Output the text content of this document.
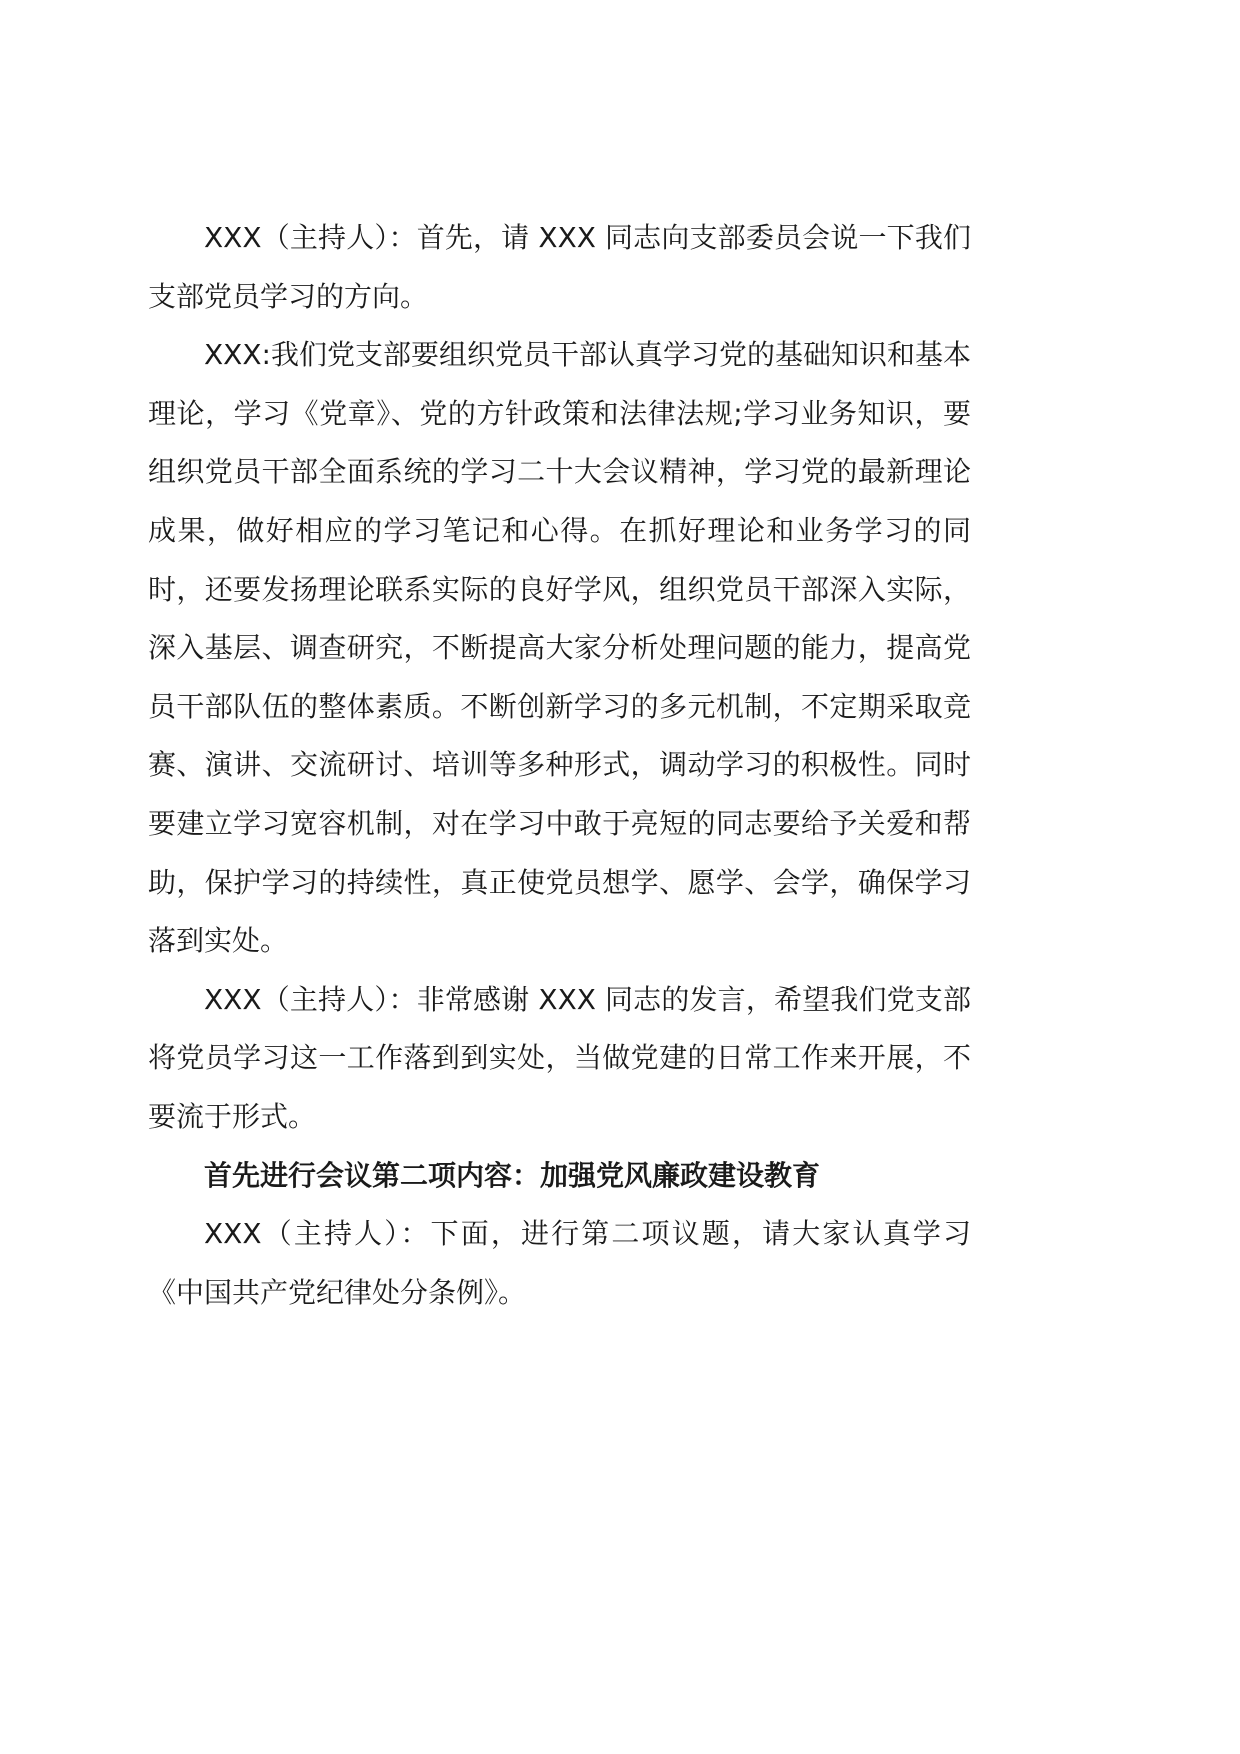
XXX（主持人）：首先，请 XXX 同志向支部委员会说一下我们支部党员学习的方向。

XXX:我们党支部要组织党员干部认真学习党的基础知识和基本理论，学习《党章》、党的方针政策和法律法规;学习业务知识，要组织党员干部全面系统的学习二十大会议精神，学习党的最新理论成果，做好相应的学习笔记和心得。在抓好理论和业务学习的同时，还要发扬理论联系实际的良好学风，组织党员干部深入实际，深入基层、调查研究，不断提高大家分析处理问题的能力，提高党员干部队伍的整体素质。不断创新学习的多元机制，不定期采取竞赛、演讲、交流研讨、培训等多种形式，调动学习的积极性。同时要建立学习宽容机制，对在学习中敢于亮短的同志要给予关爱和帮助，保护学习的持续性，真正使党员想学、愿学、会学，确保学习落到实处。

XXX（主持人）：非常感谢 XXX 同志的发言，希望我们党支部将党员学习这一工作落到到实处，当做党建的日常工作来开展，不要流于形式。

首先进行会议第二项内容：加强党风廉政建设教育

XXX（主持人）：下面，进行第二项议题，请大家认真学习《中国共产党纪律处分条例》。
